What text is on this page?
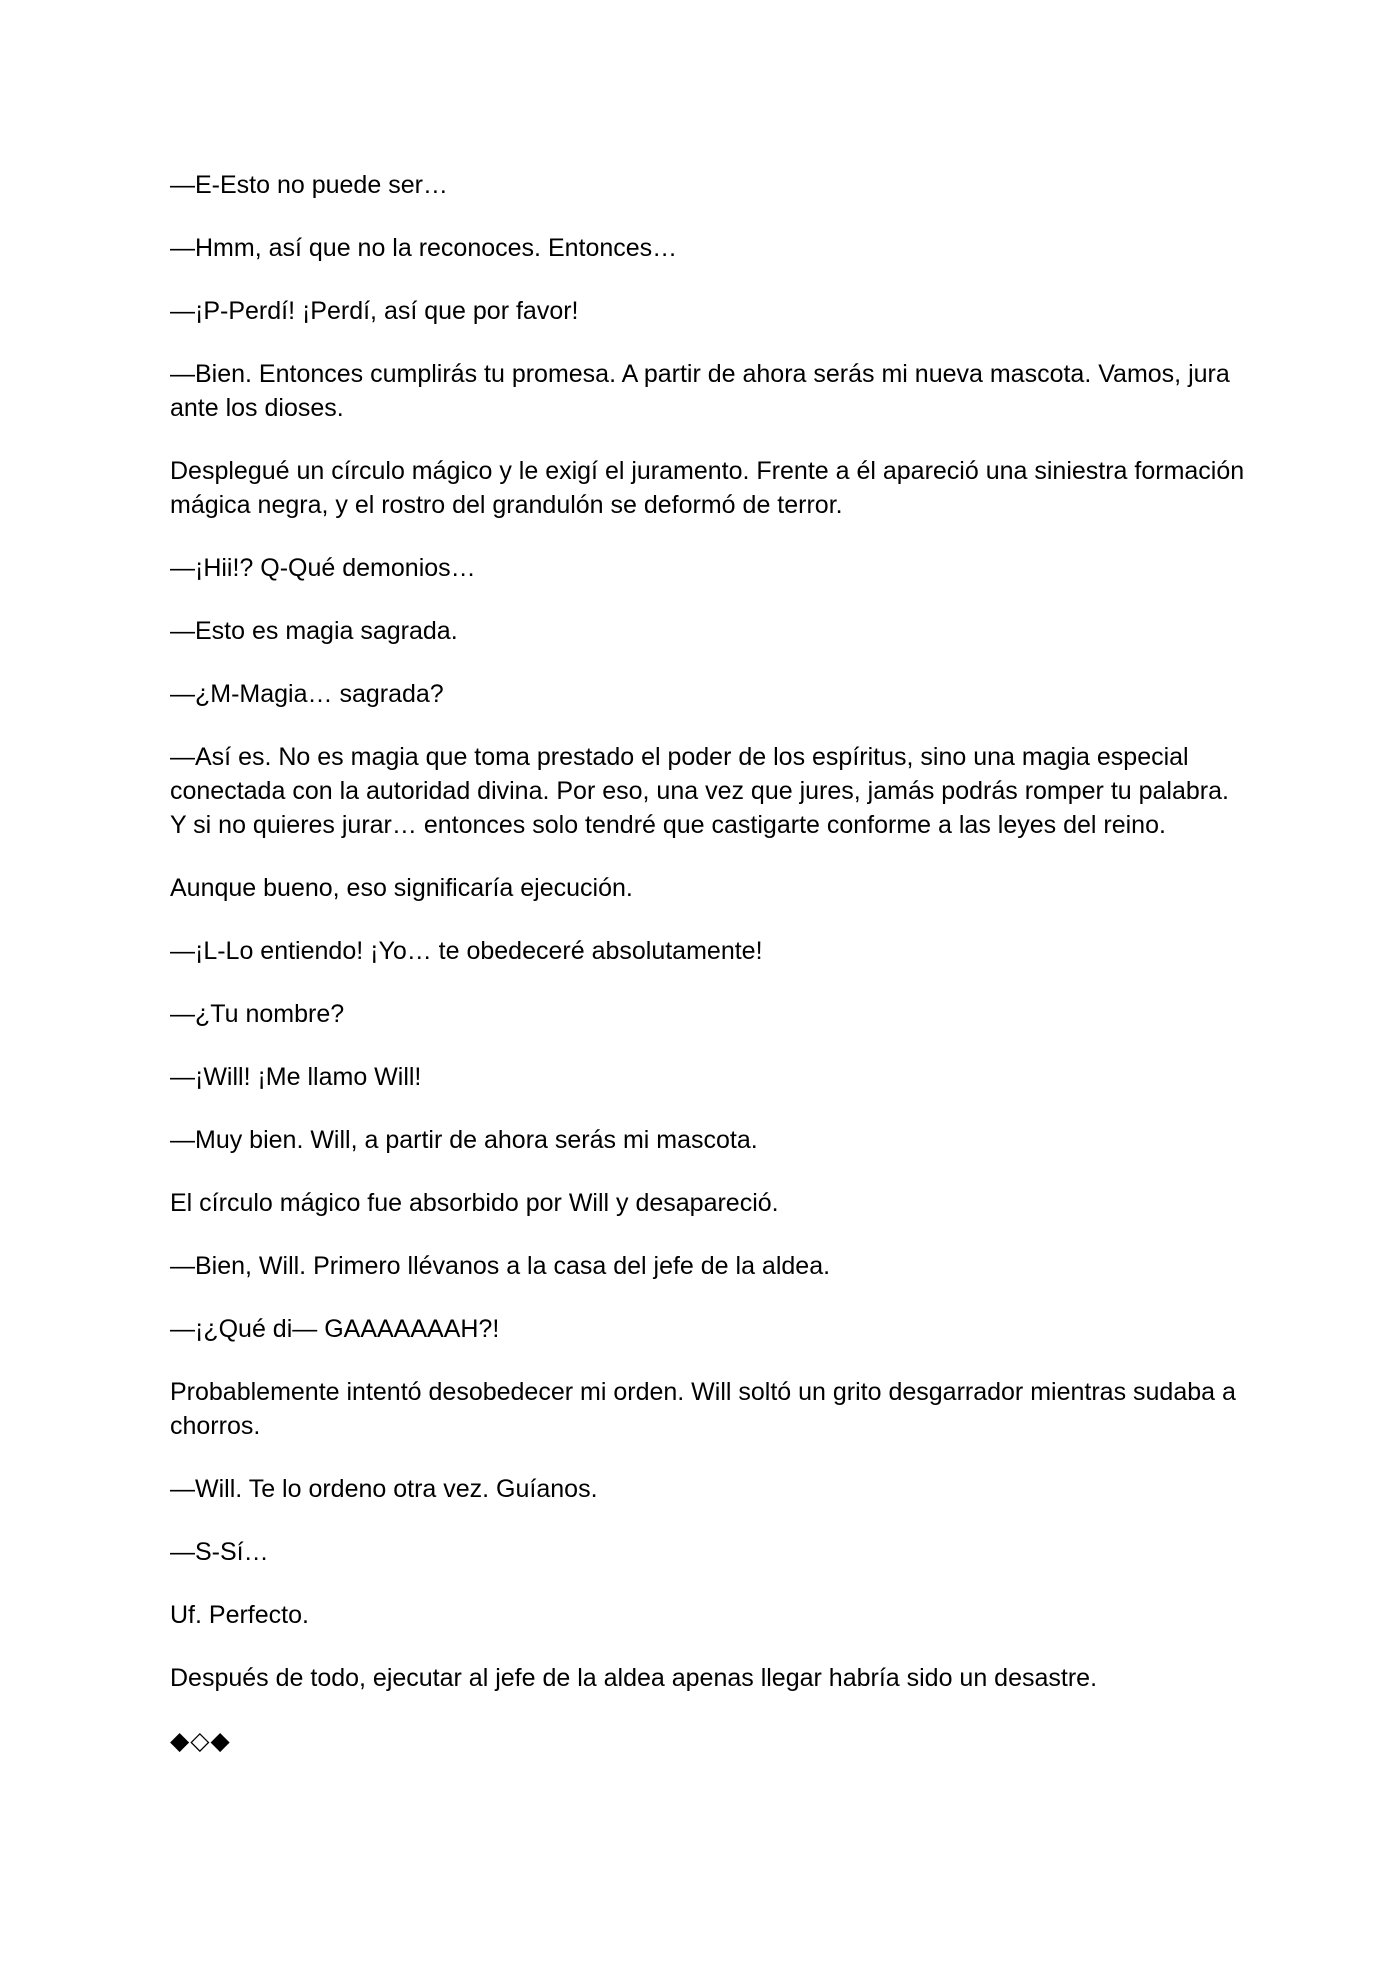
—E-Esto no puede ser…

—Hmm, así que no la reconoces. Entonces…

—¡P-Perdí! ¡Perdí, así que por favor!

—Bien. Entonces cumplirás tu promesa. A partir de ahora serás mi nueva mascota. Vamos, jura ante los dioses.

Desplegué un círculo mágico y le exigí el juramento. Frente a él apareció una siniestra formación mágica negra, y el rostro del grandulón se deformó de terror.

—¡Hii!? Q-Qué demonios…

—Esto es magia sagrada.

—¿M-Magia… sagrada?

—Así es. No es magia que toma prestado el poder de los espíritus, sino una magia especial conectada con la autoridad divina. Por eso, una vez que jures, jamás podrás romper tu palabra. Y si no quieres jurar… entonces solo tendré que castigarte conforme a las leyes del reino.

Aunque bueno, eso significaría ejecución.

—¡L-Lo entiendo! ¡Yo… te obedeceré absolutamente!

—¿Tu nombre?

—¡Will! ¡Me llamo Will!

—Muy bien. Will, a partir de ahora serás mi mascota.

El círculo mágico fue absorbido por Will y desapareció.

—Bien, Will. Primero llévanos a la casa del jefe de la aldea.

—¡¿Qué di— GAAAAAAAH?!

Probablemente intentó desobedecer mi orden. Will soltó un grito desgarrador mientras sudaba a chorros.

—Will. Te lo ordeno otra vez. Guíanos.

—S-Sí…

Uf. Perfecto.

Después de todo, ejecutar al jefe de la aldea apenas llegar habría sido un desastre.

◆◇◆
